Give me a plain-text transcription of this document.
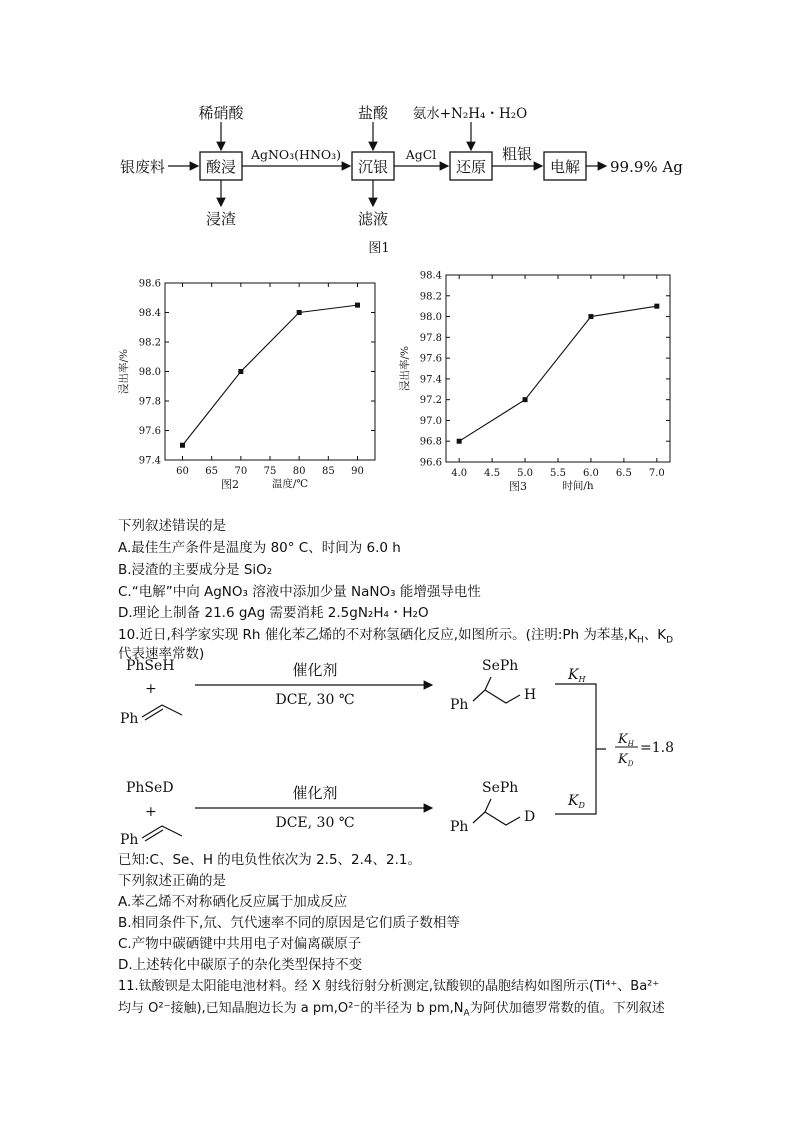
银废料
稀硝酸
酸浸
浸渣
AgNO₃(HNO₃)
盐酸
沉银
滤液
AgCl
氨水+N₂H₄・H₂O
还原
粗银
电解 99.9% Ag
图1
60 65 70 75 80 85 90
97.4
97.6
97.8
98.0
98.2
98.4
98.6
浸出率/%
图2	温度/℃
4.0 4.5 5.0 5.5 6.0 6.5 7.0
96.6
96.8
97.0
97.2
97.4
97.6
97.8
98.0
98.2
98.4
浸出率/%
图3	时间/h
下列叙述错误的是
A.最佳生产条件是温度为 80° C、时间为 6.0 h
B.浸渣的主要成分是 SiO₂
C.“电解”中向 AgNO₃ 溶液中添加少量 NaNO₃ 能增强导电性
D.理论上制备 21.6 gAg 需要消耗 2.5gN₂H₄・H₂O
10.近日,科学家实现 Rh 催化苯乙烯的不对称氢硒化反应,如图所示。(注明:Ph 为苯基$,K_H$、$K_D$
代表速率常数)
PhSeH
+
Ph
催化剂
DCE, 30 ℃
SePh
Ph
H
PhSeD
+
Ph
催化剂
DCE, 30 ℃
SePh
Ph
D
$K_H$
$K_D$
$K_H$
$K_D$
=1.8
已知:C、Se、H 的电负性依次为 2.5、2.4、2.1。
下列叙述正确的是
A.苯乙烯不对称硒化反应属于加成反应
B.相同条件下,氘、氕代速率不同的原因是它们质子数相等
C.产物中碳硒键中共用电子对偏离碳原子
D.上述转化中碳原子的杂化类型保持不变
11.钛酸钡是太阳能电池材料。经 X 射线衍射分析测定,钛酸钡的晶胞结构如图所示(Ti⁴⁺、Ba²⁺
均与 O²⁻接触),已知晶胞边长为 a pm,O²⁻的半径为 b $pm,N_A$为阿伏加德罗常数的值。下列叙述
